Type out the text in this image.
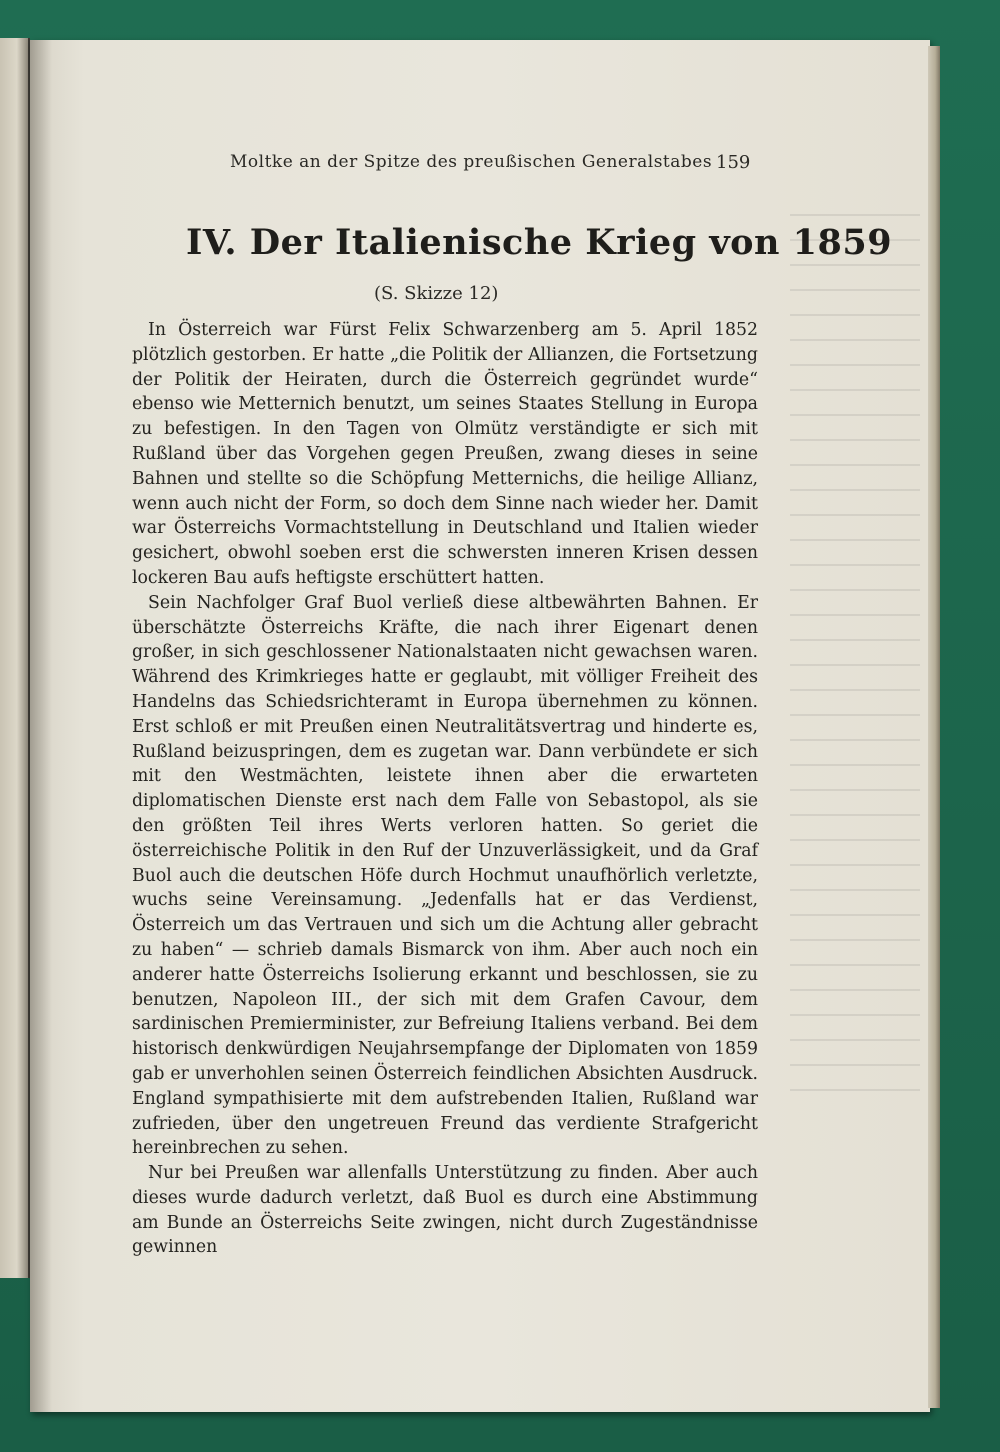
Moltke an der Spitze des preußischen Generalstabes 159
IV. Der Italienische Krieg von 1859
(S. Skizze 12)

In Österreich war Fürst Felix Schwarzenberg am 5. April 1852 plötzlich gestorben. Er hatte „die Politik der Allianzen, die Fortsetzung der Politik der Heiraten, durch die Österreich gegründet wurde“ ebenso wie Metternich benutzt, um seines Staates Stellung in Europa zu befestigen. In den Tagen von Olmütz verständigte er sich mit Rußland über das Vorgehen gegen Preußen, zwang dieses in seine Bahnen und stellte so die Schöpfung Metternichs, die heilige Allianz, wenn auch nicht der Form, so doch dem Sinne nach wieder her. Damit war Österreichs Vormachtstellung in Deutschland und Italien wieder gesichert, obwohl soeben erst die schwersten inneren Krisen dessen lockeren Bau aufs heftigste erschüttert hatten.

Sein Nachfolger Graf Buol verließ diese altbewährten Bahnen. Er überschätzte Österreichs Kräfte, die nach ihrer Eigenart denen großer, in sich geschlossener Nationalstaaten nicht gewachsen waren. Während des Krimkrieges hatte er geglaubt, mit völliger Freiheit des Handelns das Schiedsrichteramt in Europa übernehmen zu können. Erst schloß er mit Preußen einen Neutralitätsvertrag und hinderte es, Rußland beizuspringen, dem es zugetan war. Dann verbündete er sich mit den Westmächten, leistete ihnen aber die erwarteten diplomatischen Dienste erst nach dem Falle von Sebastopol, als sie den größten Teil ihres Werts verloren hatten. So geriet die österreichische Politik in den Ruf der Unzuverlässigkeit, und da Graf Buol auch die deutschen Höfe durch Hochmut unaufhörlich verletzte, wuchs seine Vereinsamung. „Jedenfalls hat er das Verdienst, Österreich um das Vertrauen und sich um die Achtung aller gebracht zu haben“ — schrieb damals Bismarck von ihm. Aber auch noch ein anderer hatte Österreichs Isolierung erkannt und beschlossen, sie zu benutzen, Napoleon III., der sich mit dem Grafen Cavour, dem sardinischen Premierminister, zur Befreiung Italiens verband. Bei dem historisch denkwürdigen Neujahrsempfange der Diplomaten von 1859 gab er unverhohlen seinen Österreich feindlichen Absichten Ausdruck. England sympathisierte mit dem aufstrebenden Italien, Rußland war zufrieden, über den ungetreuen Freund das verdiente Strafgericht hereinbrechen zu sehen.

Nur bei Preußen war allenfalls Unterstützung zu finden. Aber auch dieses wurde dadurch verletzt, daß Buol es durch eine Abstimmung am Bunde an Österreichs Seite zwingen, nicht durch Zugeständnisse gewinnen
